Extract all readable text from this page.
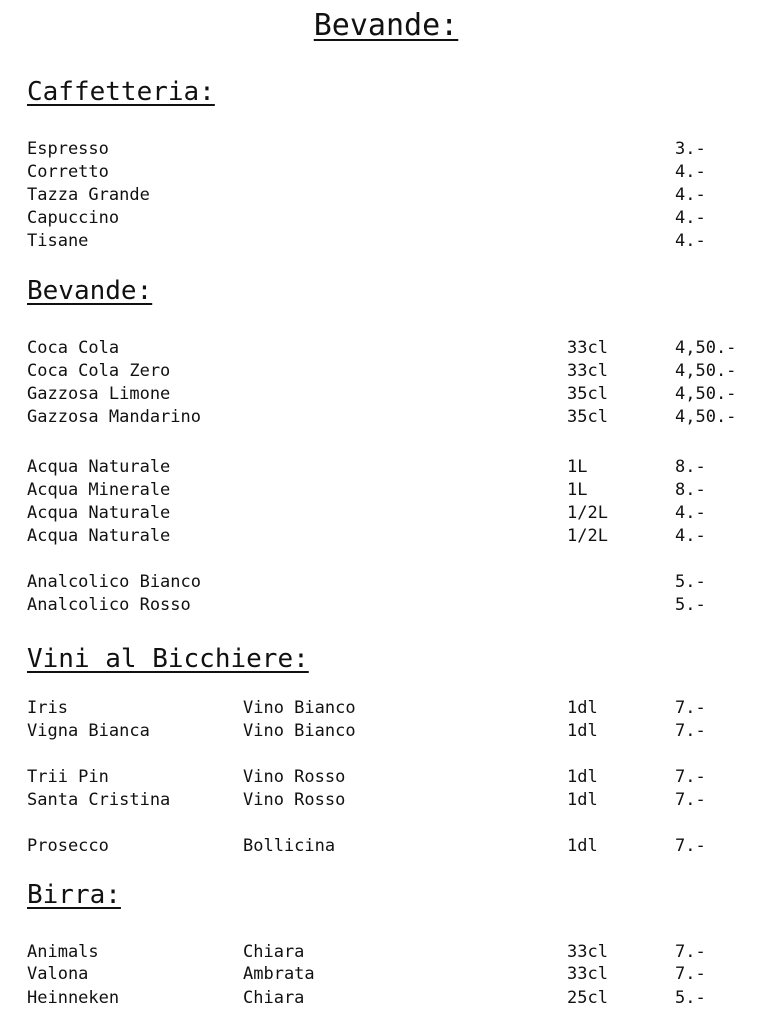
Bevande:
Caffetteria:
Espresso	3.-
Corretto	4.-
Tazza Grande	4.-
Capuccino	4.-
Tisane	4.-
Bevande:
Coca Cola	33cl	4,50.-
Coca Cola Zero	33cl	4,50.-
Gazzosa Limone	35cl	4,50.-
Gazzosa Mandarino	35cl	4,50.-
Acqua Naturale	1L	8.-
Acqua Minerale	1L	8.-
Acqua Naturale	1/2L	4.-
Acqua Naturale	1/2L	4.-
Analcolico Bianco	5.-
Analcolico Rosso	5.-
Vini al Bicchiere:
Iris	Vino Bianco	1dl	7.-
Vigna Bianca	Vino Bianco	1dl	7.-
Trii Pin	Vino Rosso	1dl	7.-
Santa Cristina	Vino Rosso	1dl	7.-
Prosecco	Bollicina	1dl	7.-
Birra:
Animals	Chiara	33cl	7.-
Valona	Ambrata	33cl	7.-
Heinneken	Chiara	25cl	5.-
